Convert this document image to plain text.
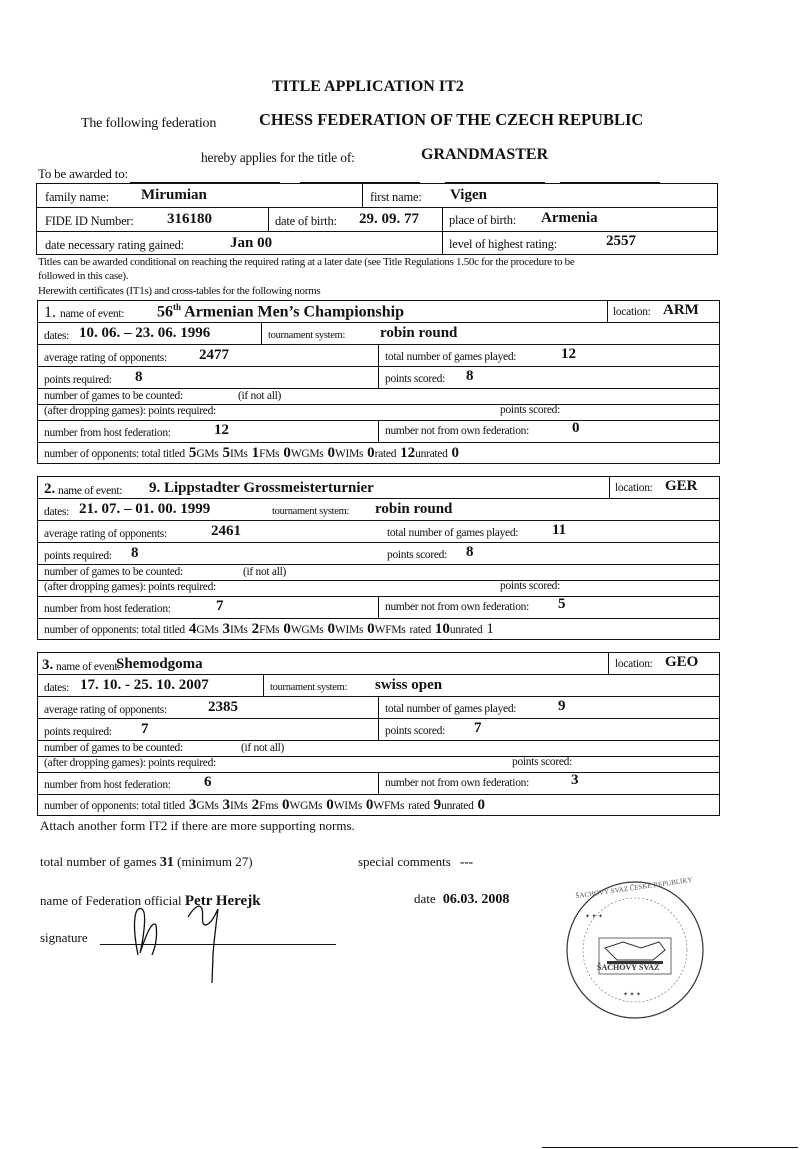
TITLE APPLICATION IT2
The following federation	CHESS FEDERATION OF THE CZECH REPUBLIC
hereby applies for the title of:	GRANDMASTER
To be awarded to:
family name: Mirumian	first name: Vigen
FIDE ID Number: 316180	date of birth: 29. 09. 77 place of birth: Armenia
date necessary rating gained:	Jan 00	level of highest rating:	2557
Titles can be awarded conditional on reaching the required rating at a later date (see Title Regulations 1.50c for the procedure to be
followed in this case).
Herewith certificates (IT1s) and cross-tables for the following norms
1. name of event: 56th Armenian Men’s Championship	location: ARM
dates: 10. 06. – 23. 06. 1996	tournament system: robin round
average rating of opponents: 2477	total number of games played:	12
points required: 8	points scored: 8
number of games to be counted:	(if not all)
(after dropping games): points required:	points scored:
number from host federation:	12	number not from own federation:	0
number of opponents: total titled 5GMs 5IMs 1FMs 0WGMs 0WIMs 0rated 12unrated 0
2. name of event: 9. Lippstadter Grossmeisterturnier	location: GER
dates: 21. 07. – 01. 00. 1999	tournament system: robin round
average rating of opponents:	2461	total number of games played: 11
points required: 8	points scored: 8
number of games to be counted:	(if not all)
(after dropping games): points required:	points scored:
number from host federation:	7	number not from own federation: 5
number of opponents: total titled 4GMs 3IMs 2FMs 0WGMs 0WIMs 0WFMs rated 10unrated 1
3. name of event:
Shemodgoma	location: GEO
dates: 17. 10. - 25. 10. 2007	tournament system: swiss open
average rating of opponents:	2385	total number of games played:	9
points required: 7	points scored: 7
number of games to be counted:	(if not all)
(after dropping games): points required:	points scored:
number from host federation: 6	number not from own federation:	3
number of opponents: total titled 3GMs 3IMs 2Fms 0WGMs 0WIMs 0WFMs rated 9unrated 0
Attach another form IT2 if there are more supporting norms.
total number of games 31 (minimum 27)	special comments ---
name of Federation official Petr Herejk	date 06.03. 2008
signature
✦ ✦ ✦
✦ ✦ ✦
ŠACHOVÝ SVAZ ČESKÉ REPUBLIKY
ŠACHOVÝ SVAZ
